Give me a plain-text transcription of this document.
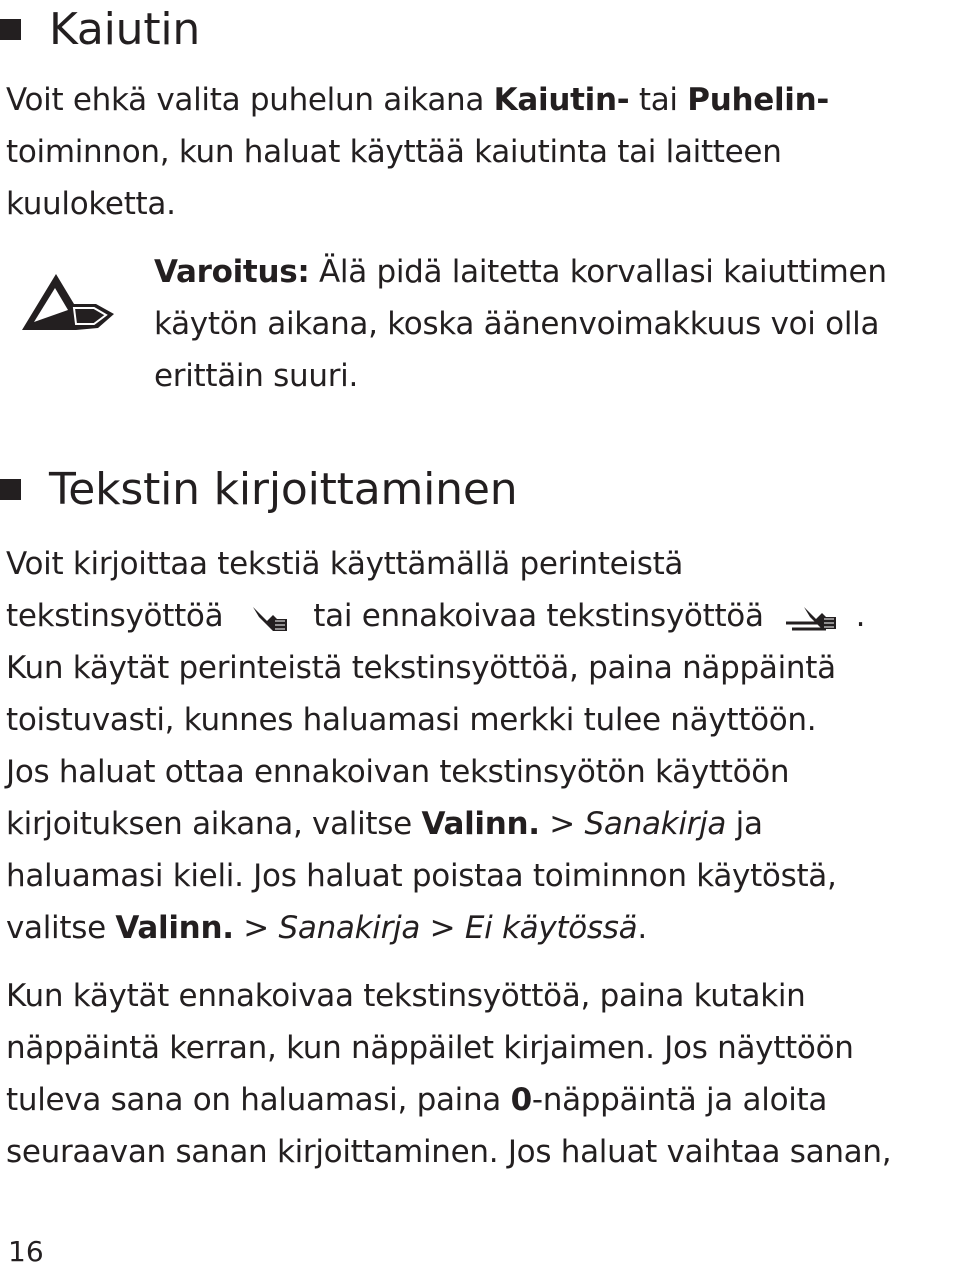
Kaiutin

Voit ehkä valita puhelun aikana Kaiutin- tai Puhelin-

toiminnon, kun haluat käyttää kaiutinta tai laitteen

kuuloketta.

Varoitus: Älä pidä laitetta korvallasi kaiuttimen

käytön aikana, koska äänenvoimakkuus voi olla

erittäin suuri.

Tekstin kirjoittaminen

Voit kirjoittaa tekstiä käyttämällä perinteistä

tekstinsyöttöä	tai ennakoivaa tekstinsyöttöä	.

Kun käytät perinteistä tekstinsyöttöä, paina näppäintä

toistuvasti, kunnes haluamasi merkki tulee näyttöön.

Jos haluat ottaa ennakoivan tekstinsyötön käyttöön

kirjoituksen aikana, valitse Valinn. > Sanakirja ja

haluamasi kieli. Jos haluat poistaa toiminnon käytöstä,

valitse Valinn. > Sanakirja > Ei käytössä.

Kun käytät ennakoivaa tekstinsyöttöä, paina kutakin

näppäintä kerran, kun näppäilet kirjaimen. Jos näyttöön

tuleva sana on haluamasi, paina 0-näppäintä ja aloita

seuraavan sanan kirjoittaminen. Jos haluat vaihtaa sanan,

16
